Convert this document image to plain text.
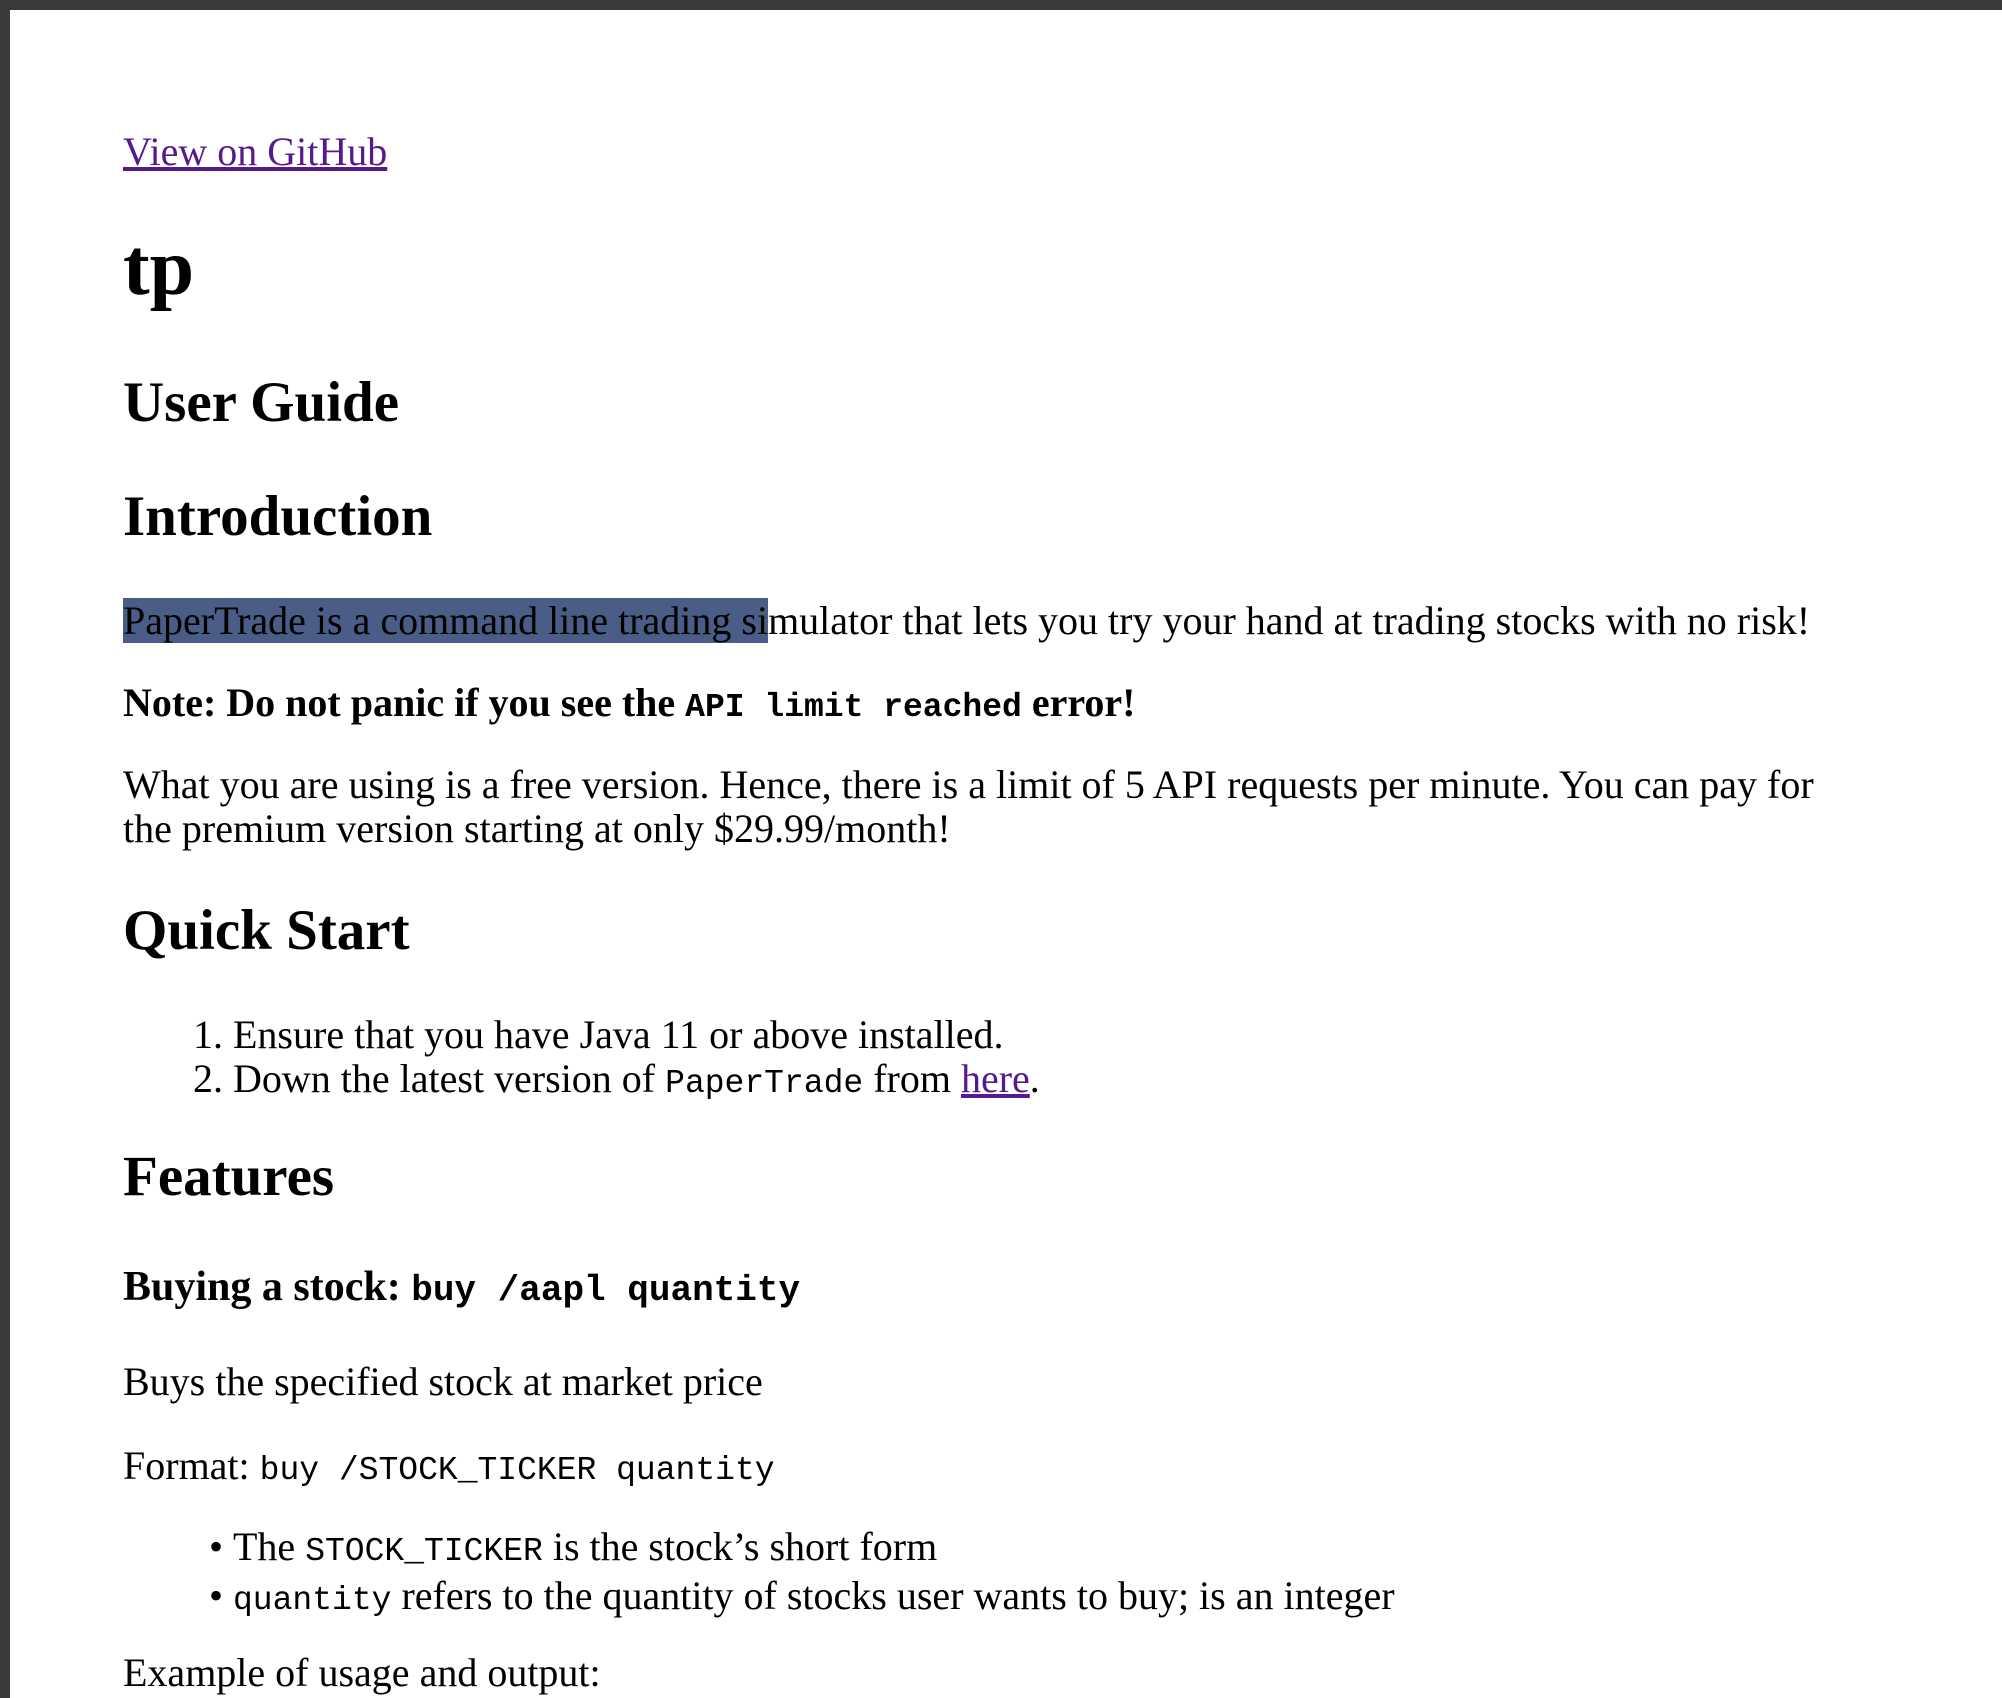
View on GitHub
tp
User Guide
Introduction

PaperTrade is a command line trading simulator that lets you try your hand at trading stocks with no risk!

Note: Do not panic if you see the API limit reached error!

What you are using is a free version. Hence, there is a limit of 5 API requests per minute. You can pay for the premium version starting at only $29.99/month!

Quick Start
1. Ensure that you have Java 11 or above installed.
2. Down the latest version of PaperTrade from here.
Features
Buying a stock: buy /aapl quantity

Buys the specified stock at market price

Format: buy /STOCK_TICKER quantity

• The STOCK_TICKER is the stock’s short form
• quantity refers to the quantity of stocks user wants to buy; is an integer

Example of usage and output:
